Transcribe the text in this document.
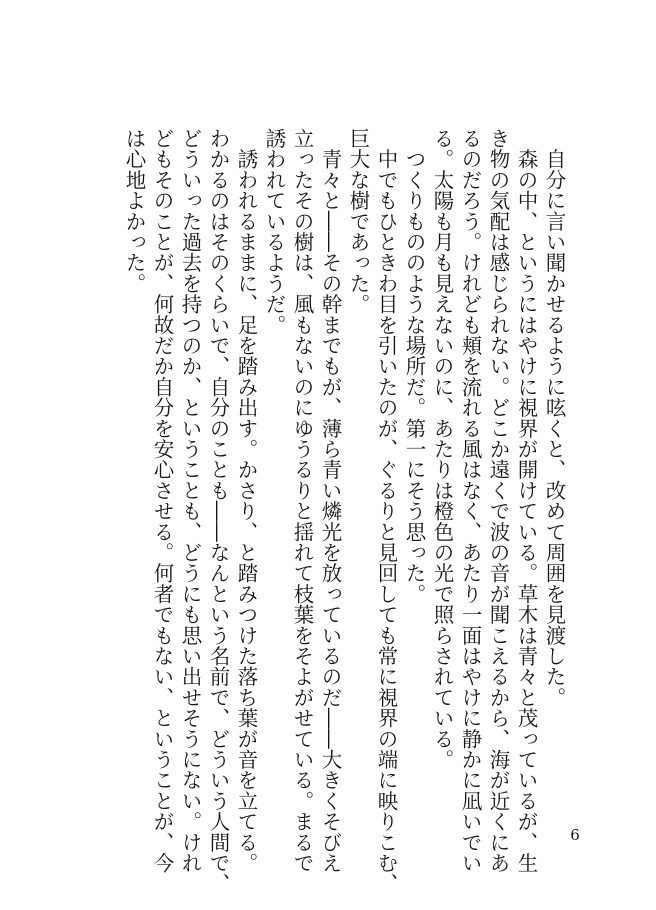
　自分に言い聞かせるように呟くと、改めて周囲を見渡した。
　森の中、というにはやけに視界が開けている。草木は青々と茂っているが、生
き物の気配は感じられない。どこか遠くで波の音が聞こえるから、海が近くにあ
るのだろう。けれども頬を流れる風はなく、あたり一面はやけに静かに凪いでい
る。太陽も月も見えないのに、あたりは橙色の光で照らされている。
　つくりもののような場所だ。第一にそう思った。
　中でもひときわ目を引いたのが、ぐるりと見回しても常に視界の端に映りこむ、
巨大な樹であった。
　青々と――その幹までもが、薄ら青い燐光を放っているのだ――大きくそびえ
立ったその樹は、風もないのにゆうるりと揺れて枝葉をそよがせている。まるで
誘われているようだ。
　誘われるままに、足を踏み出す。かさり、と踏みつけた落ち葉が音を立てる。
わかるのはそのくらいで、自分のことも――なんという名前で、どういう人間で、
どういった過去を持つのか、ということも、どうにも思い出せそうにない。けれ
どもそのことが、何故だか自分を安心させる。何者でもない、ということが、今
は心地よかった。
6
